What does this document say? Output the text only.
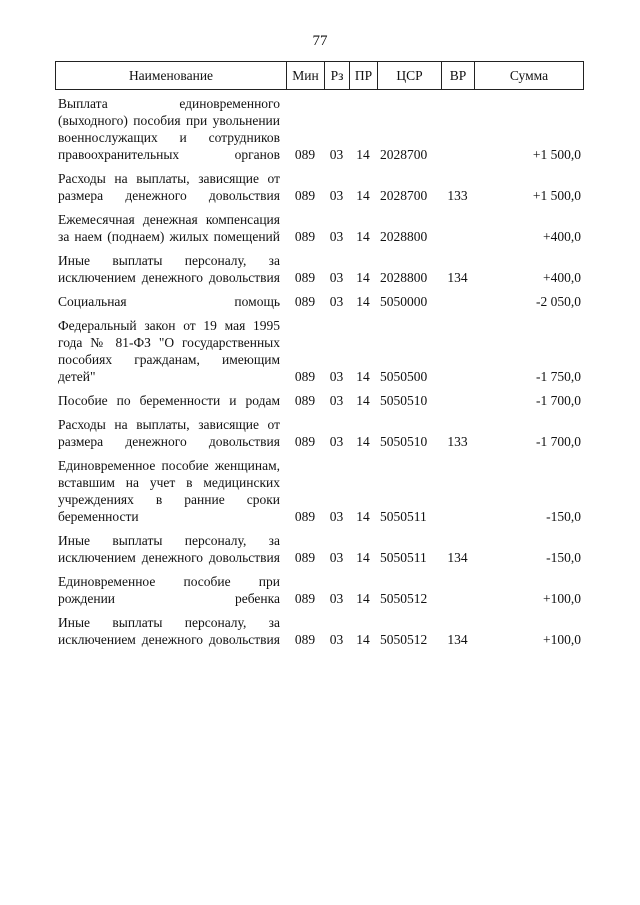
77
Наименование	Мин	Рз	ПР	ЦСР	ВР	Сумма
Выплата единовременного (выходного) пособия при увольнении военнослужащих и сотрудников правоохранительных органов	089	03	14	2028700		+1 500,0

Расходы на выплаты, зависящие от размера денежного довольствия	089	03	14	2028700	133	+1 500,0

Ежемесячная денежная компенсация за наем (поднаем) жилых помещений	089	03	14	2028800		+400,0

Иные выплаты персоналу, за исключением денежного довольствия	089	03	14	2028800	134	+400,0

Социальная помощь	089	03	14	5050000		-2 050,0

Федеральный закон от 19 мая 1995 года № 81-ФЗ "О государственных пособиях гражданам, имеющим детей"	089	03	14	5050500		-1 750,0

Пособие по беременности и родам	089	03	14	5050510		-1 700,0

Расходы на выплаты, зависящие от размера денежного довольствия	089	03	14	5050510	133	-1 700,0

Единовременное пособие женщинам, вставшим на учет в медицинских учреждениях в ранние сроки беременности	089	03	14	5050511		-150,0

Иные выплаты персоналу, за исключением денежного довольствия	089	03	14	5050511	134	-150,0

Единовременное пособие при рождении ребенка	089	03	14	5050512		+100,0

Иные выплаты персоналу, за исключением денежного довольствия	089	03	14	5050512	134	+100,0
